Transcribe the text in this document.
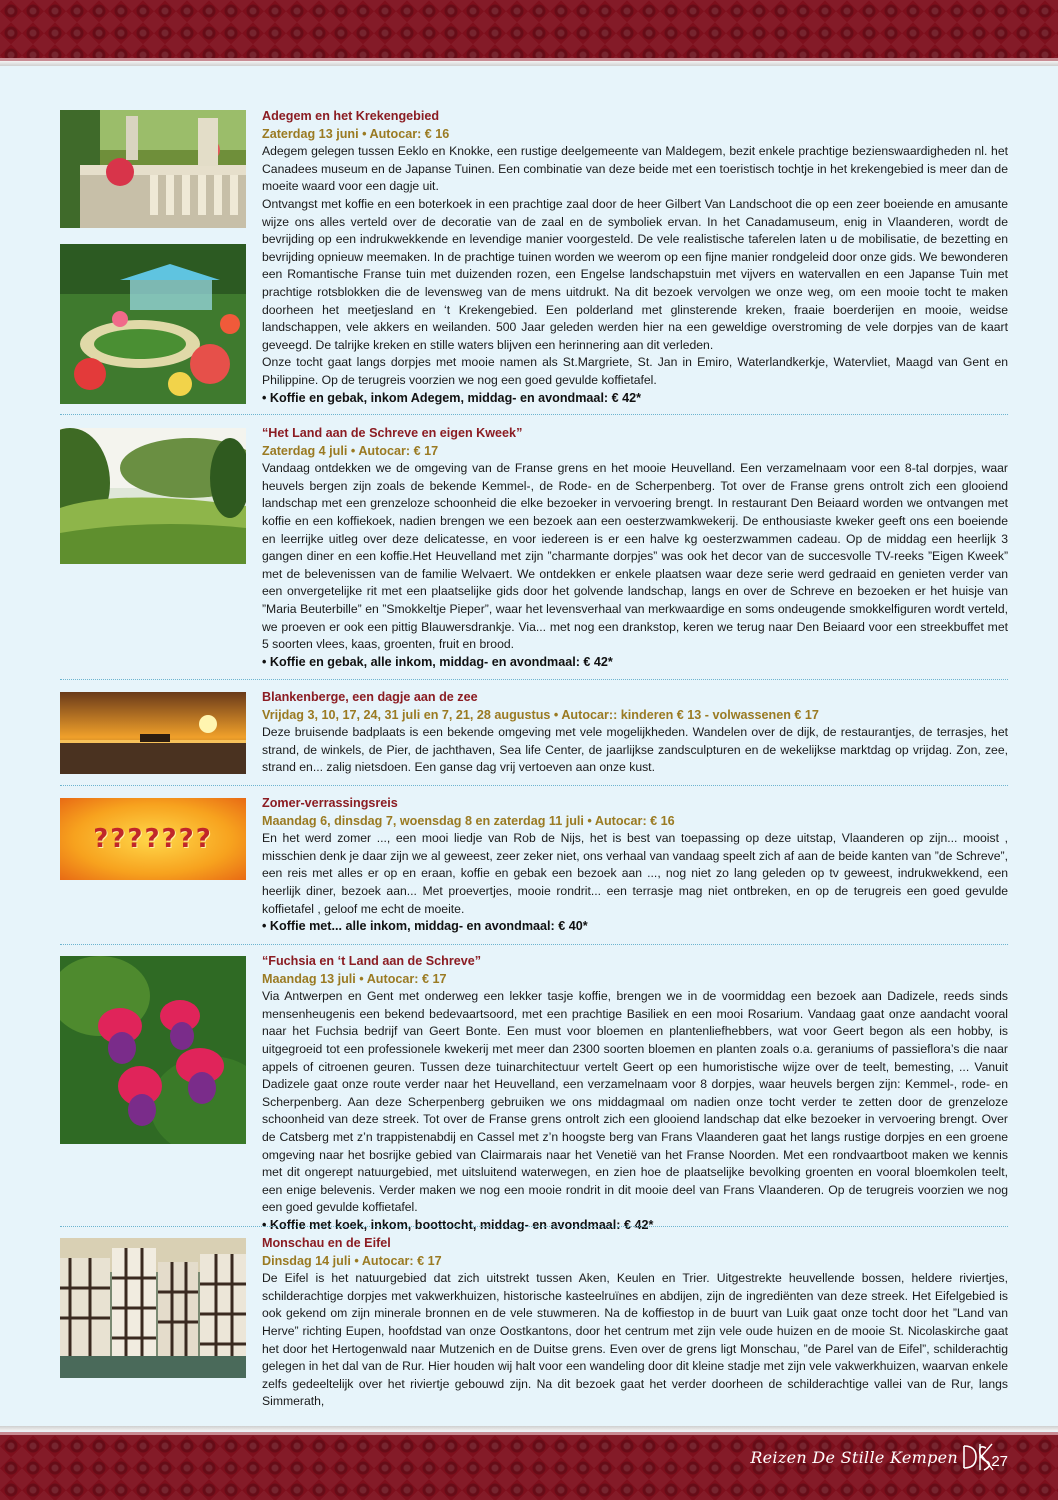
Adegem en het Krekengebied

Zaterdag 13 juni • Autocar: € 16

Adegem gelegen tussen Eeklo en Knokke, een rustige deelgemeente van Maldegem, bezit enkele prachtige bezienswaardigheden nl. het Canadees museum en de Japanse Tuinen. Een combinatie van deze beide met een toeristisch tochtje in het krekengebied is meer dan de moeite waard voor een dagje uit.

Ontvangst met koffie en een boterkoek in een prachtige zaal door de heer Gilbert Van Landschoot die op een zeer boeiende en amusante wijze ons alles verteld over de decoratie van de zaal en de symboliek ervan. In het Canadamuseum, enig in Vlaanderen, wordt de bevrijding op een indrukwekkende en levendige manier voorgesteld. De vele realistische taferelen laten u de mobilisatie, de bezetting en bevrijding opnieuw meemaken. In de prachtige tuinen worden we weerom op een fijne manier rondgeleid door onze gids. We bewonderen een Romantische Franse tuin met duizenden rozen, een Engelse landschapstuin met vijvers en watervallen en een Japanse Tuin met prachtige rotsblokken die de levensweg van de mens uitdrukt. Na dit bezoek vervolgen we onze weg, om een mooie tocht te maken doorheen het meetjesland en ‘t Krekengebied. Een polderland met glinsterende kreken, fraaie boerderijen en mooie, weidse landschappen, vele akkers en weilanden. 500 Jaar geleden werden hier na een geweldige overstroming de vele dorpjes van de kaart geveegd. De talrijke kreken en stille waters blijven een herinnering aan dit verleden.

Onze tocht gaat langs dorpjes met mooie namen als St.Margriete, St. Jan in Emiro, Waterlandkerkje, Watervliet, Maagd van Gent en Philippine. Op de terugreis voorzien we nog een goed gevulde koffietafel.

• Koffie en gebak, inkom Adegem, middag- en avondmaal: € 42*

“Het Land aan de Schreve en eigen Kweek”

Zaterdag 4 juli • Autocar: € 17

Vandaag ontdekken we de omgeving van de Franse grens en het mooie Heuvelland. Een verzamelnaam voor een 8-tal dorpjes, waar heuvels bergen zijn zoals de bekende Kemmel-, de Rode- en de Scherpenberg. Tot over de Franse grens ontrolt zich een glooiend landschap met een grenzeloze schoonheid die elke bezoeker in vervoering brengt. In restaurant Den Beiaard worden we ontvangen met koffie en een koffiekoek, nadien brengen we een bezoek aan een oesterzwamkwekerij. De enthousiaste kweker geeft ons een boeiende en leerrijke uitleg over deze delicatesse, en voor iedereen is er een halve kg oesterzwammen cadeau. Op de middag een heerlijk 3 gangen diner en een koffie.Het Heuvelland met zijn ”charmante dorpjes” was ook het decor van de succesvolle TV-reeks ”Eigen Kweek” met de belevenissen van de familie Welvaert. We ontdekken er enkele plaatsen waar deze serie werd gedraaid en genieten verder van een onvergetelijke rit met een plaatselijke gids door het golvende landschap, langs en over de Schreve en bezoeken er het huisje van ”Maria Beuterbille” en ”Smokkeltje Pieper”, waar het levensverhaal van merkwaardige en soms ondeugende smokkelfiguren wordt verteld, we proeven er ook een pittig Blauwersdrankje. Via... met nog een drankstop, keren we terug naar Den Beiaard voor een streekbuffet met 5 soorten vlees, kaas, groenten, fruit en brood.

• Koffie en gebak, alle inkom, middag- en avondmaal: € 42*

Blankenberge, een dagje aan de zee

Vrijdag 3, 10, 17, 24, 31 juli en 7, 21, 28 augustus • Autocar:: kinderen € 13 - volwassenen € 17

Deze bruisende badplaats is een bekende omgeving met vele mogelijkheden. Wandelen over de dijk, de restaurantjes, de terrasjes, het strand, de winkels, de Pier, de jachthaven, Sea life Center, de jaarlijkse zandsculpturen en de wekelijkse marktdag op vrijdag. Zon, zee, strand en... zalig nietsdoen. Een ganse dag vrij vertoeven aan onze kust.

???????

Zomer-verrassingsreis

Maandag 6, dinsdag 7, woensdag 8 en zaterdag 11 juli • Autocar: € 16

En het werd zomer ..., een mooi liedje van Rob de Nijs, het is best van toepassing op deze uitstap, Vlaanderen op zijn... mooist , misschien denk je daar zijn we al geweest, zeer zeker niet, ons verhaal van vandaag speelt zich af aan de beide kanten van ”de Schreve”, een reis met alles er op en eraan, koffie en gebak een bezoek aan ..., nog niet zo lang geleden op tv geweest, indrukwekkend, een heerlijk diner, bezoek aan... Met proevertjes, mooie rondrit... een terrasje mag niet ontbreken, en op de terugreis een goed gevulde koffietafel , geloof me echt de moeite.

• Koffie met... alle inkom, middag- en avondmaal: € 40*

“Fuchsia en ‘t Land aan de Schreve”

Maandag 13 juli • Autocar: € 17

Via Antwerpen en Gent met onderweg een lekker tasje koffie, brengen we in de voormiddag een bezoek aan Dadizele, reeds sinds mensenheugenis een bekend bedevaartsoord, met een prachtige Basiliek en een mooi Rosarium. Vandaag gaat onze aandacht vooral naar het Fuchsia bedrijf van Geert Bonte. Een must voor bloemen en plantenliefhebbers, wat voor Geert begon als een hobby, is uitgegroeid tot een professionele kwekerij met meer dan 2300 soorten bloemen en planten zoals o.a. geraniums of passieflora’s die naar appels of citroenen geuren. Tussen deze tuinarchitectuur vertelt Geert op een humoristische wijze over de teelt, bemesting, ... Vanuit Dadizele gaat onze route verder naar het Heuvelland, een verzamelnaam voor 8 dorpjes, waar heuvels bergen zijn: Kemmel-, rode- en Scherpenberg. Aan deze Scherpenberg gebruiken we ons middagmaal om nadien onze tocht verder te zetten door de grenzeloze schoonheid van deze streek. Tot over de Franse grens ontrolt zich een glooiend landschap dat elke bezoeker in vervoering brengt. Over de Catsberg met z’n trappistenabdij en Cassel met z’n hoogste berg van Frans Vlaanderen gaat het langs rustige dorpjes en een groene omgeving naar het bosrijke gebied van Clairmarais naar het Venetië van het Franse Noorden. Met een rondvaartboot maken we kennis met dit ongerept natuurgebied, met uitsluitend waterwegen, en zien hoe de plaatselijke bevolking groenten en vooral bloemkolen teelt, een enige belevenis. Verder maken we nog een mooie rondrit in dit mooie deel van Frans Vlaanderen. Op de terugreis voorzien we nog een goed gevulde koffietafel.

• Koffie met koek, inkom, boottocht, middag- en avondmaal: € 42*

Monschau en de Eifel

Dinsdag 14 juli • Autocar: € 17

De Eifel is het natuurgebied dat zich uitstrekt tussen Aken, Keulen en Trier. Uitgestrekte heuvellende bossen, heldere riviertjes, schilderachtige dorpjes met vakwerkhuizen, historische kasteelruïnes en abdijen, zijn de ingrediënten van deze streek. Het Eifelgebied is ook gekend om zijn minerale bronnen en de vele stuwmeren. Na de koffiestop in de buurt van Luik gaat onze tocht door het ”Land van Herve” richting Eupen, hoofdstad van onze Oostkantons, door het centrum met zijn vele oude huizen en de mooie St. Nicolaskirche gaat het door het Hertogenwald naar Mutzenich en de Duitse grens. Even over de grens ligt Monschau, ”de Parel van de Eifel”, schilderachtig gelegen in het dal van de Rur. Hier houden wij halt voor een wandeling door dit kleine stadje met zijn vele vakwerkhuizen, waarvan enkele zelfs gedeeltelijk over het riviertje gebouwd zijn. Na dit bezoek gaat het verder doorheen de schilderachtige vallei van de Rur, langs Simmerath,

Reizen De Stille Kempen 27
